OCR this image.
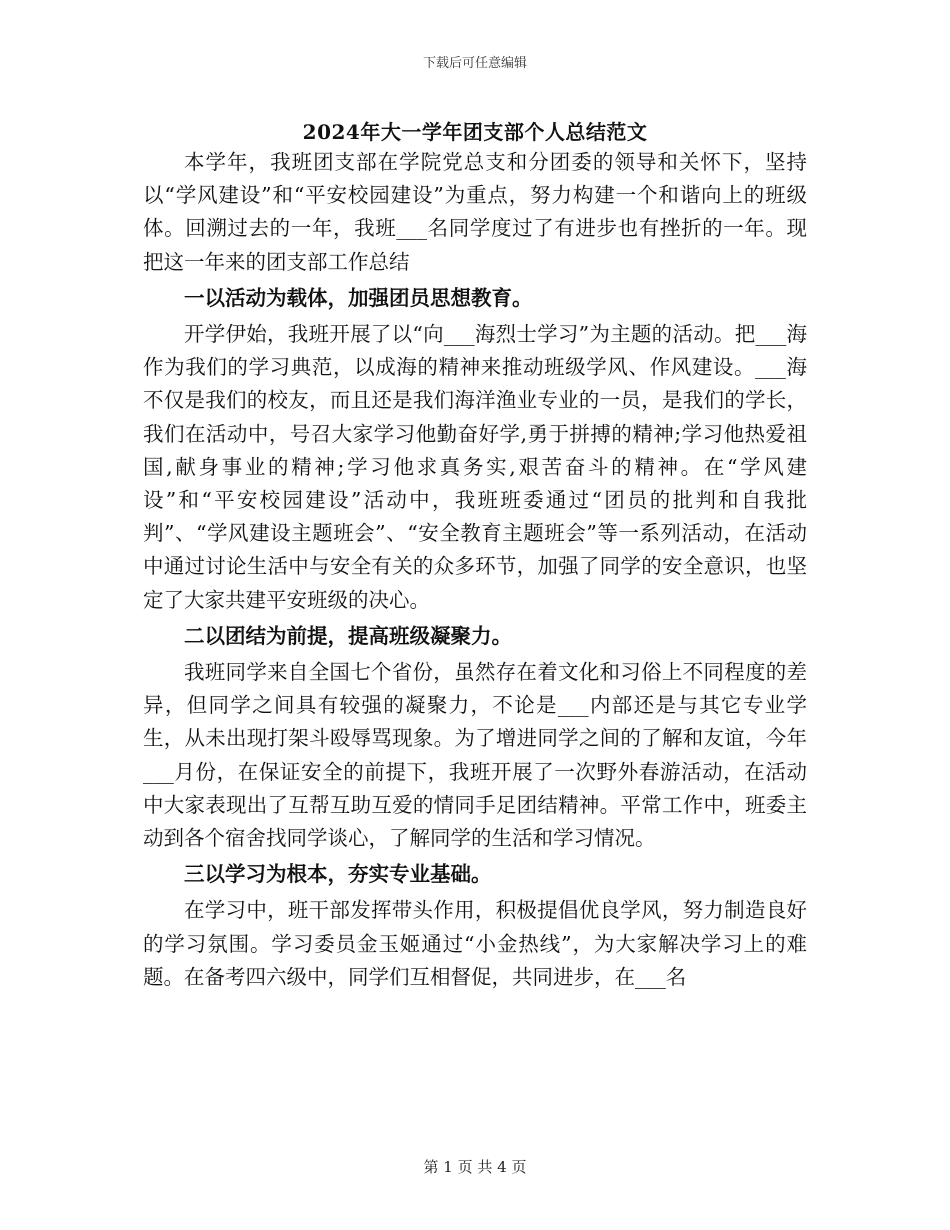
下载后可任意编辑
2024年大一学年团支部个人总结范文

本学年，我班团支部在学院党总支和分团委的领导和关怀下，坚持以“学风建设”和“平安校园建设”为重点，努力构建一个和谐向上的班级体。回溯过去的一年，我班___名同学度过了有进步也有挫折的一年。现把这一年来的团支部工作总结

一以活动为载体，加强团员思想教育。

开学伊始，我班开展了以“向___海烈士学习”为主题的活动。把___海作为我们的学习典范，以成海的精神来推动班级学风、作风建设。___海不仅是我们的校友，而且还是我们海洋渔业专业的一员，是我们的学长，我们在活动中，号召大家学习他勤奋好学,勇于拼搏的精神;学习他热爱祖国,献身事业的精神;学习他求真务实,艰苦奋斗的精神。在“学风建设”和“平安校园建设”活动中，我班班委通过“团员的批判和自我批判”、“学风建设主题班会”、“安全教育主题班会”等一系列活动，在活动中通过讨论生活中与安全有关的众多环节，加强了同学的安全意识，也坚定了大家共建平安班级的决心。

二以团结为前提，提高班级凝聚力。

我班同学来自全国七个省份，虽然存在着文化和习俗上不同程度的差异，但同学之间具有较强的凝聚力，不论是___内部还是与其它专业学生，从未出现打架斗殴辱骂现象。为了增进同学之间的了解和友谊，今年___月份，在保证安全的前提下，我班开展了一次野外春游活动，在活动中大家表现出了互帮互助互爱的情同手足团结精神。平常工作中，班委主动到各个宿舍找同学谈心，了解同学的生活和学习情况。

三以学习为根本，夯实专业基础。

在学习中，班干部发挥带头作用，积极提倡优良学风，努力制造良好的学习氛围。学习委员金玉姬通过“小金热线”，为大家解决学习上的难题。在备考四六级中，同学们互相督促，共同进步，在___名

第 1 页 共 4 页
